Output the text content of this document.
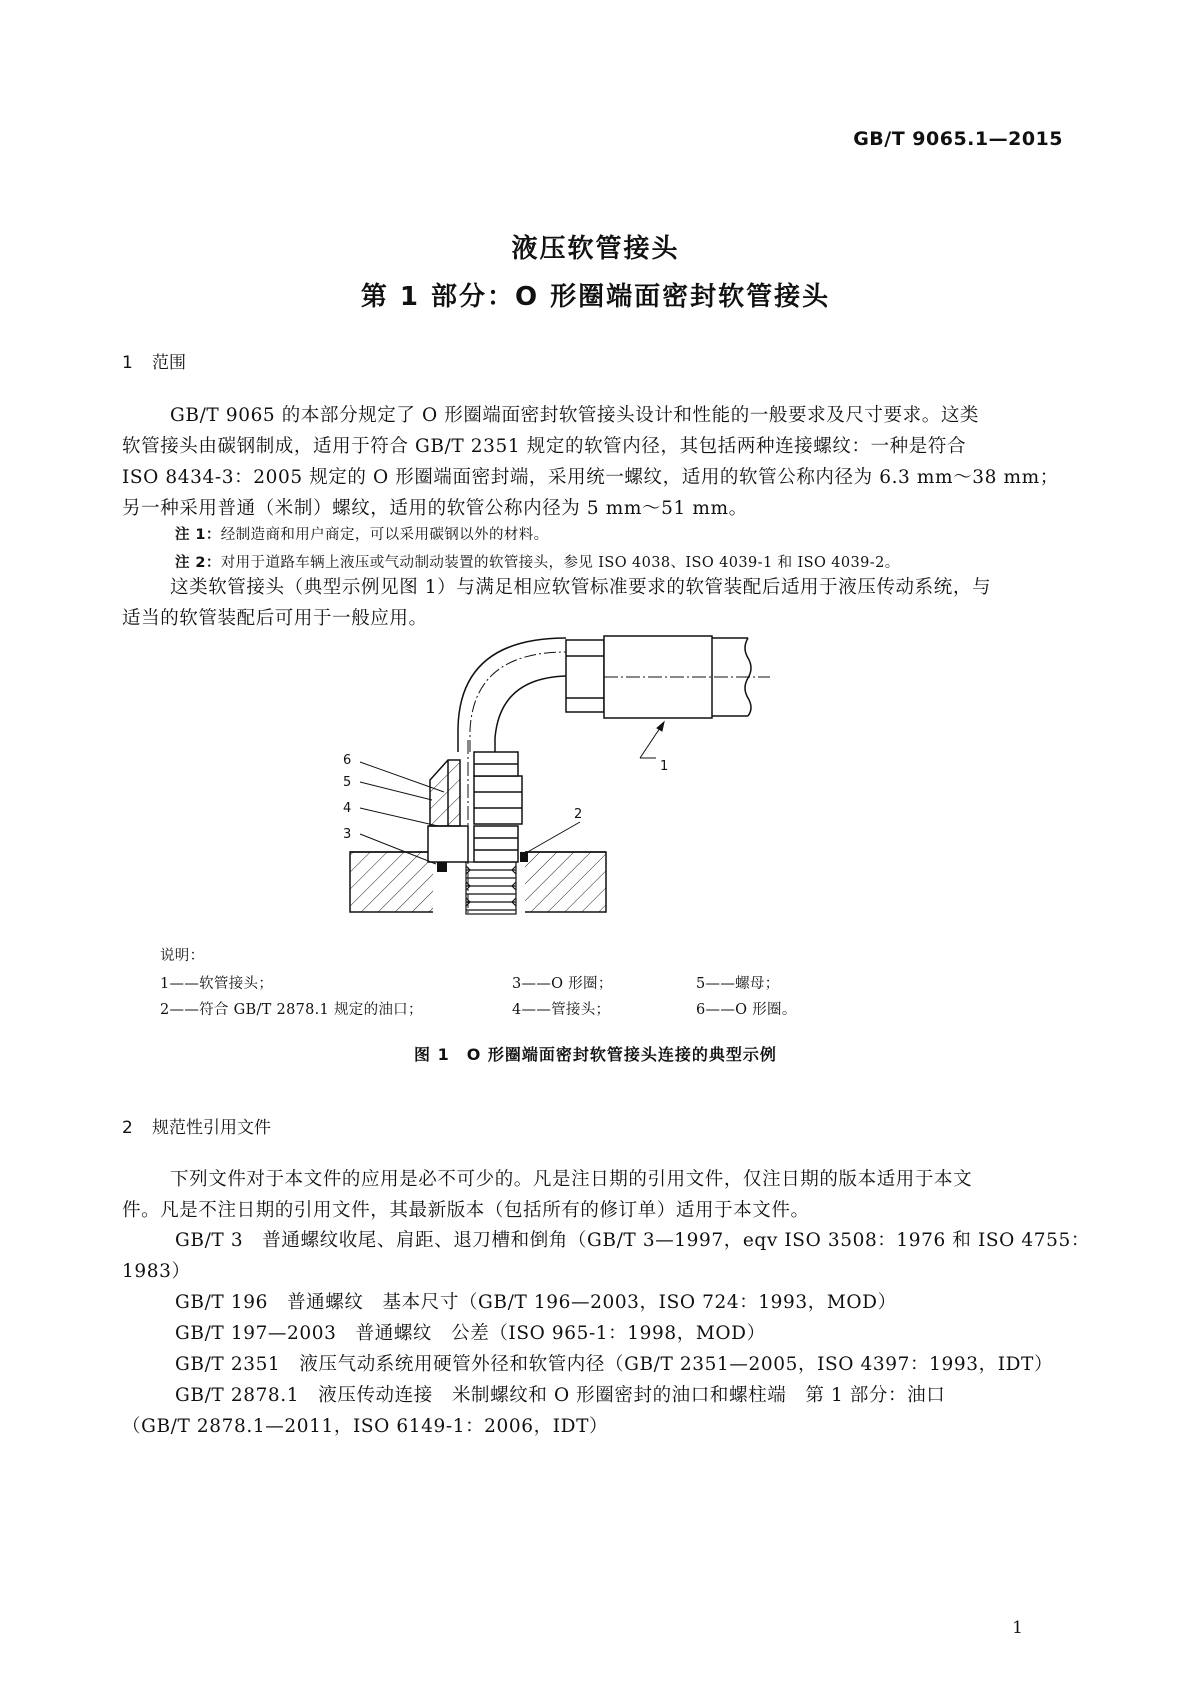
GB/T 9065.1—2015
液压软管接头
第 1 部分：O 形圈端面密封软管接头
1 范围
GB/T 9065 的本部分规定了 O 形圈端面密封软管接头设计和性能的一般要求及尺寸要求。这类
软管接头由碳钢制成，适用于符合 GB/T 2351 规定的软管内径，其包括两种连接螺纹：一种是符合
ISO 8434-3：2005 规定的 O 形圈端面密封端，采用统一螺纹，适用的软管公称内径为 6.3 mm～38 mm；
另一种采用普通（米制）螺纹，适用的软管公称内径为 5 mm～51 mm。
注 1：经制造商和用户商定，可以采用碳钢以外的材料。
注 2：对用于道路车辆上液压或气动制动装置的软管接头，参见 ISO 4038、ISO 4039-1 和 ISO 4039-2。
这类软管接头（典型示例见图 1）与满足相应软管标准要求的软管装配后适用于液压传动系统，与
适当的软管装配后可用于一般应用。
1
2
3
4
5
6
说明：
1——软管接头；
2——符合 GB/T 2878.1 规定的油口；
3——O 形圈；
4——管接头；
5——螺母；
6——O 形圈。
图 1　O 形圈端面密封软管接头连接的典型示例
2 规范性引用文件
下列文件对于本文件的应用是必不可少的。凡是注日期的引用文件，仅注日期的版本适用于本文
件。凡是不注日期的引用文件，其最新版本（包括所有的修订单）适用于本文件。
GB/T 3　普通螺纹收尾、肩距、退刀槽和倒角（GB/T 3—1997，eqv ISO 3508：1976 和 ISO 4755：
1983）
GB/T 196　普通螺纹　基本尺寸（GB/T 196—2003，ISO 724：1993，MOD）
GB/T 197—2003　普通螺纹　公差（ISO 965-1：1998，MOD）
GB/T 2351　液压气动系统用硬管外径和软管内径（GB/T 2351—2005，ISO 4397：1993，IDT）
GB/T 2878.1　液压传动连接　米制螺纹和 O 形圈密封的油口和螺柱端　第 1 部分：油口
（GB/T 2878.1—2011，ISO 6149-1：2006，IDT）
1
